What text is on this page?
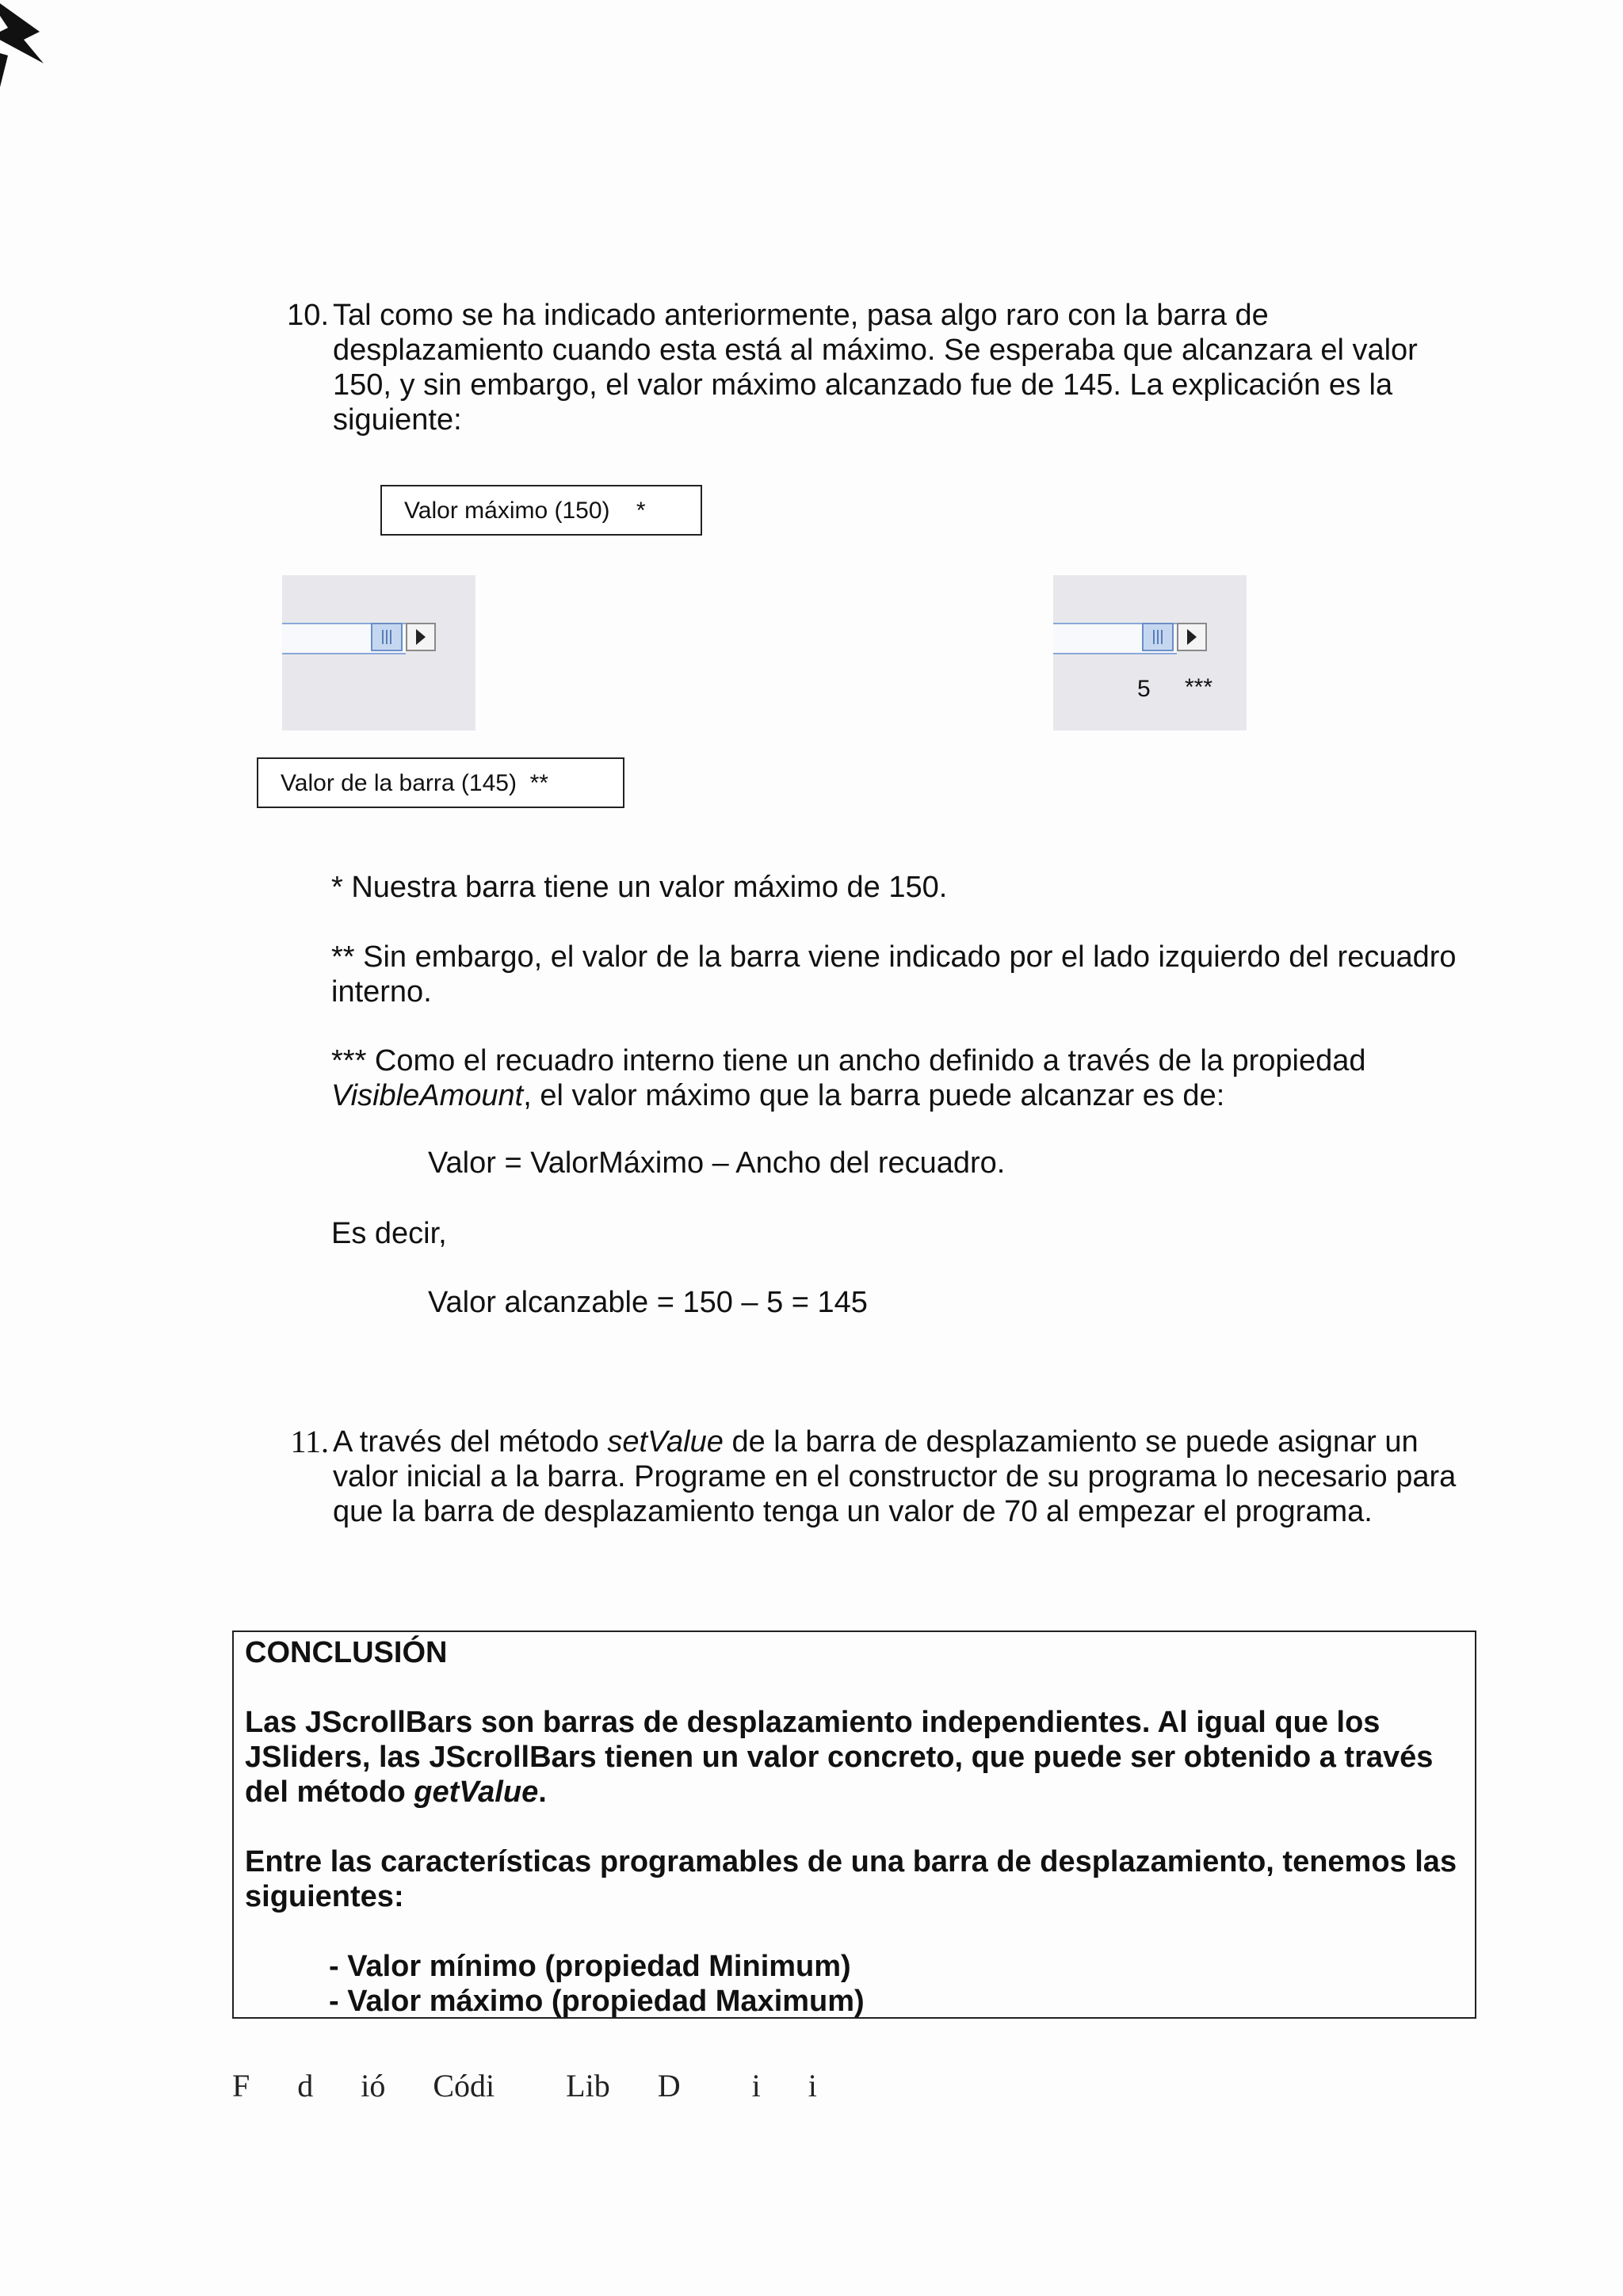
10. Tal como se ha indicado anteriormente, pasa algo raro con la barra de
desplazamiento cuando esta está al máximo. Se esperaba que alcanzara el valor
150, y sin embargo, el valor máximo alcanzado fue de 145. La explicación es la
siguiente:
Valor máximo (150)    *
Valor de la barra (145)  **
5 ***

* Nuestra barra tiene un valor máximo de 150.

** Sin embargo, el valor de la barra viene indicado por el lado izquierdo del recuadro

interno.

*** Como el recuadro interno tiene un ancho definido a través de la propiedad

VisibleAmount, el valor máximo que la barra puede alcanzar es de:

Valor = ValorMáximo – Ancho del recuadro.

Es decir,

Valor alcanzable = 150 – 5 = 145

11. A través del método setValue de la barra de desplazamiento se puede asignar un
valor inicial a la barra. Programe en el constructor de su programa lo necesario para
que la barra de desplazamiento tenga un valor de 70 al empezar el programa.

CONCLUSIÓN

Las JScrollBars son barras de desplazamiento independientes. Al igual que los

JSliders, las JScrollBars tienen un valor concreto, que puede ser obtenido a través

del método getValue.

Entre las características programables de una barra de desplazamiento, tenemos las

siguientes:

- Valor mínimo (propiedad Minimum)

- Valor máximo (propiedad Maximum)

F  d  ió  Códi   Lib  D   i  i
